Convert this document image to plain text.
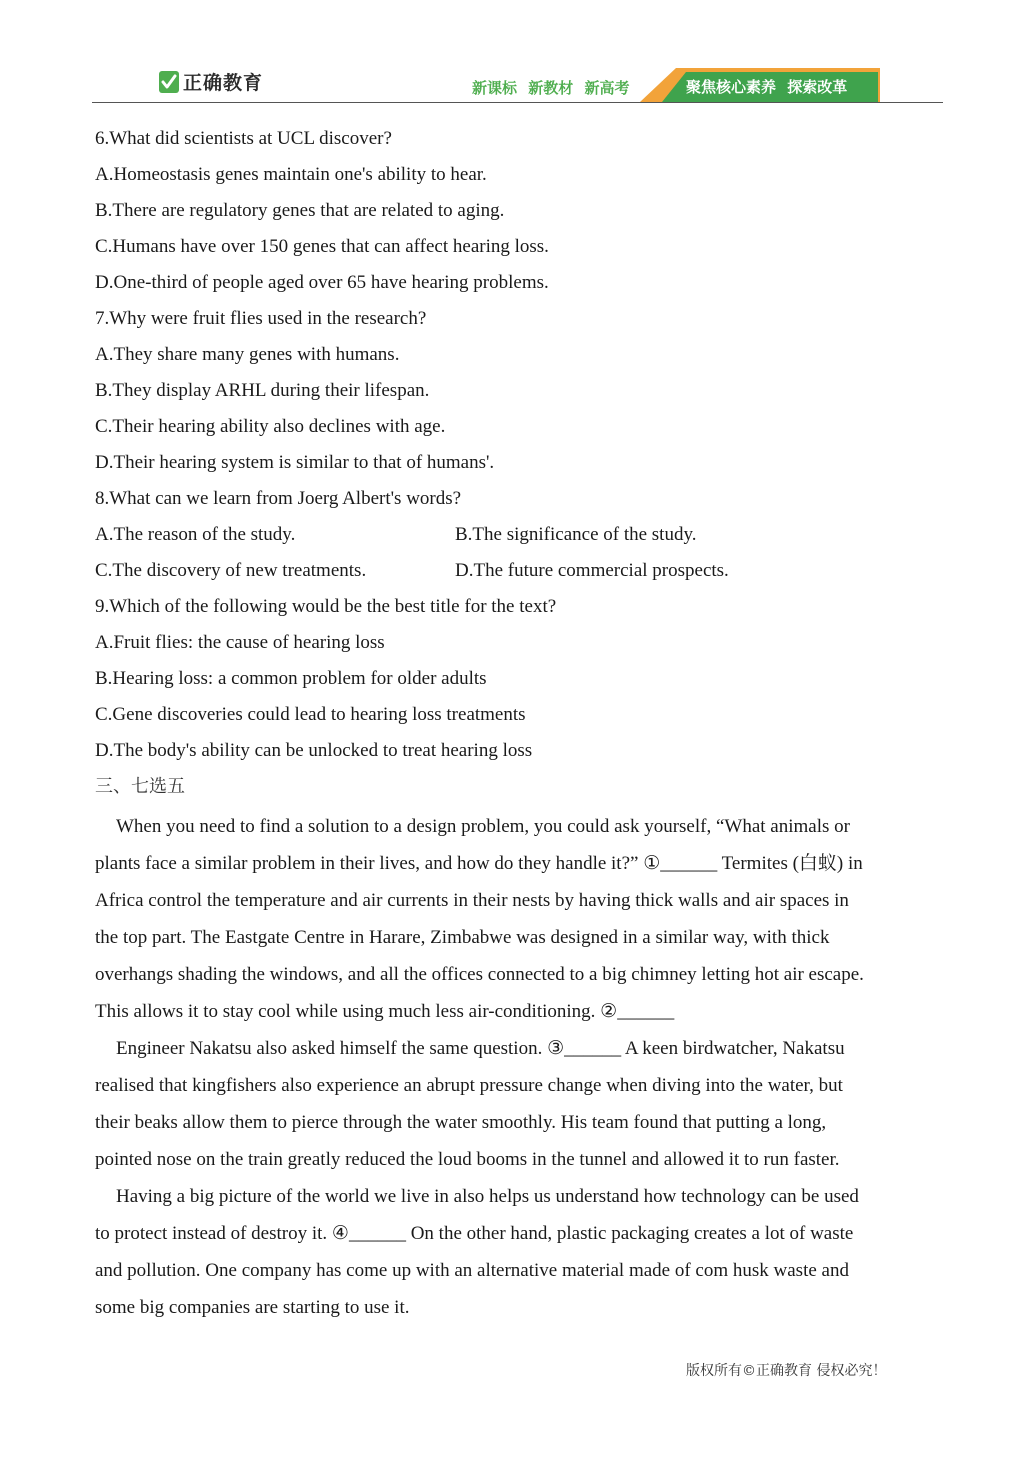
正确教育	新课标 新教材 新高考	聚焦核心素养 探索改革
6.What did scientists at UCL discover?
A.Homeostasis genes maintain one's ability to hear.
B.There are regulatory genes that are related to aging.
C.Humans have over 150 genes that can affect hearing loss.
D.One-third of people aged over 65 have hearing problems.
7.Why were fruit flies used in the research?
A.They share many genes with humans.
B.They display ARHL during their lifespan.
C.Their hearing ability also declines with age.
D.Their hearing system is similar to that of humans'.
8.What can we learn from Joerg Albert's words?
A.The reason of the study.	B.The significance of the study.
C.The discovery of new treatments.	D.The future commercial prospects.
9.Which of the following would be the best title for the text?
A.Fruit flies: the cause of hearing loss
B.Hearing loss: a common problem for older adults
C.Gene discoveries could lead to hearing loss treatments
D.The body's ability can be unlocked to treat hearing loss
三、七选五
When you need to find a solution to a design problem, you could ask yourself, “What animals or
plants face a similar problem in their lives, and how do they handle it?” ①______ Termites (白蚁) in
Africa control the temperature and air currents in their nests by having thick walls and air spaces in
the top part. The Eastgate Centre in Harare, Zimbabwe was designed in a similar way, with thick
overhangs shading the windows, and all the offices connected to a big chimney letting hot air escape.
This allows it to stay cool while using much less air-conditioning. ②______
Engineer Nakatsu also asked himself the same question. ③______ A keen birdwatcher, Nakatsu
realised that kingfishers also experience an abrupt pressure change when diving into the water, but
their beaks allow them to pierce through the water smoothly. His team found that putting a long,
pointed nose on the train greatly reduced the loud booms in the tunnel and allowed it to run faster.
Having a big picture of the world we live in also helps us understand how technology can be used
to protect instead of destroy it. ④______ On the other hand, plastic packaging creates a lot of waste
and pollution. One company has come up with an alternative material made of com husk waste and
some big companies are starting to use it.
版权所有©正确教育 侵权必究！
